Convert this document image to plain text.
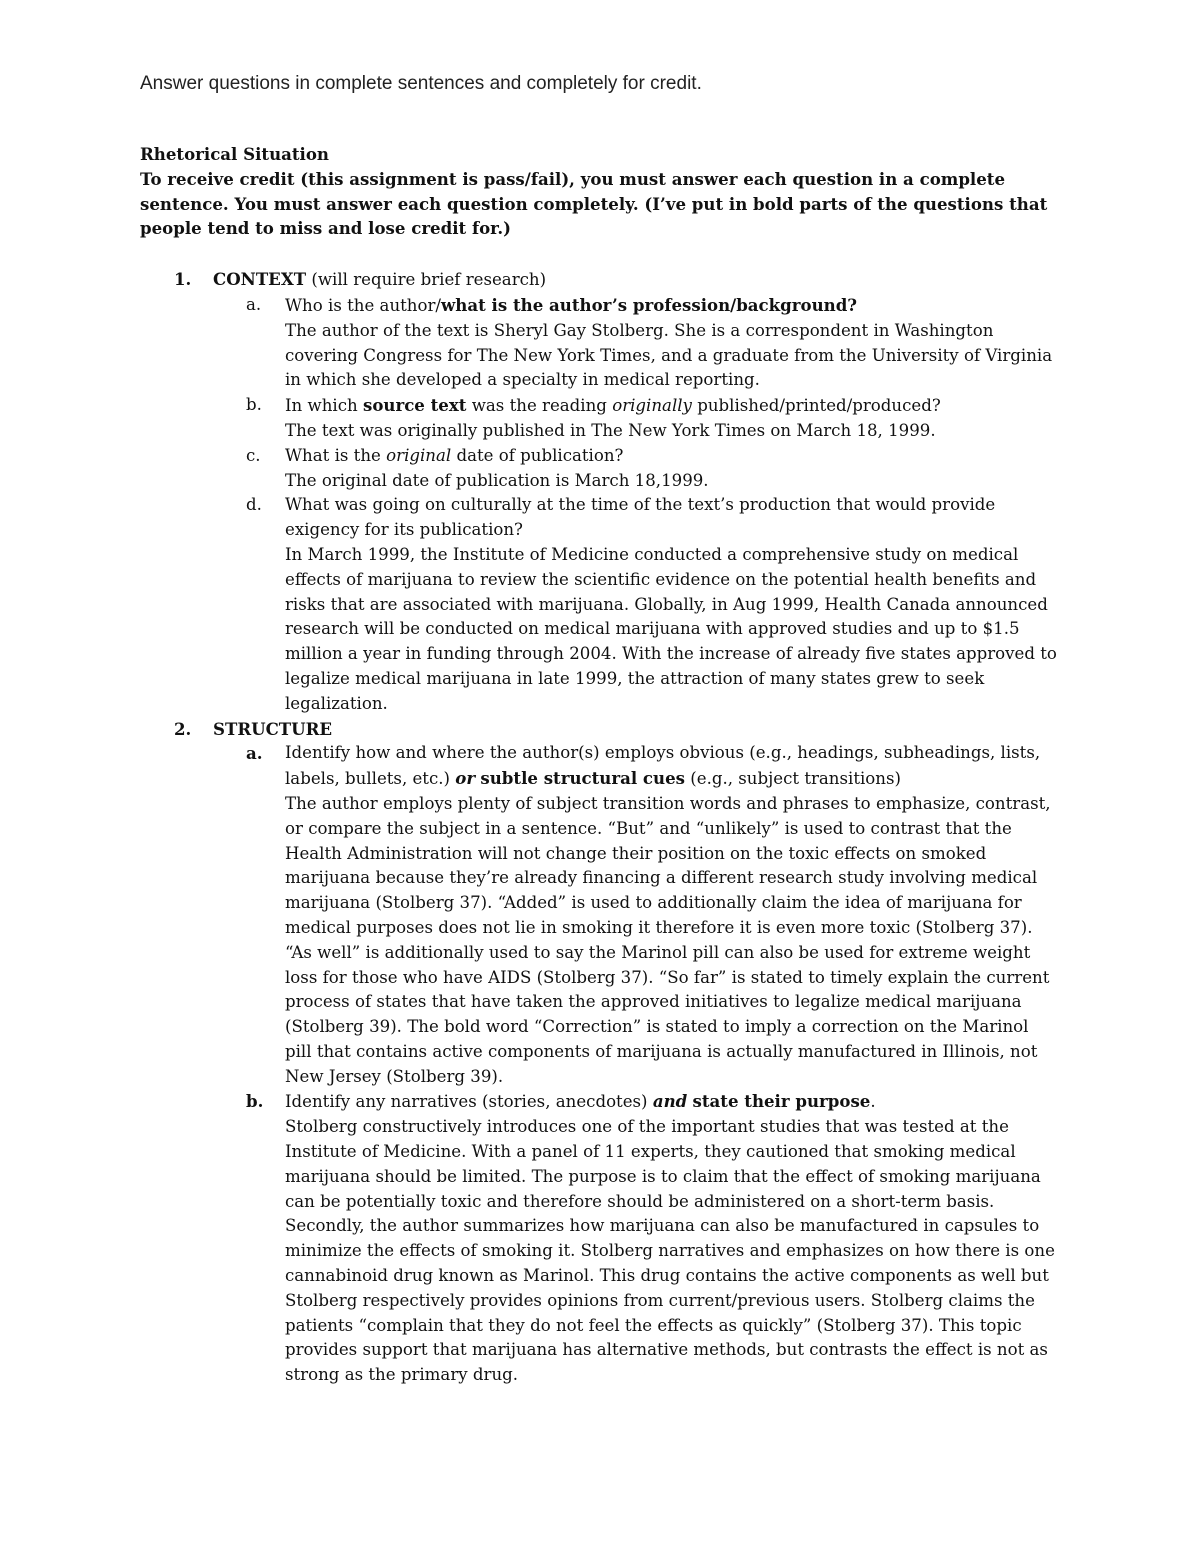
Answer questions in complete sentences and completely for credit.

Rhetorical Situation

To receive credit (this assignment is pass/fail), you must answer each question in a complete sentence. You must answer each question completely. (I’ve put in bold parts of the questions that people tend to miss and lose credit for.)

1. CONTEXT (will require brief research)

a. Who is the author/what is the author’s profession/background?

The author of the text is Sheryl Gay Stolberg. She is a correspondent in Washington covering Congress for The New York Times, and a graduate from the University of Virginia in which she developed a specialty in medical reporting.

b. In which source text was the reading originally published/printed/produced?

The text was originally published in The New York Times on March 18, 1999.

c. What is the original date of publication?

The original date of publication is March 18,1999.

d. What was going on culturally at the time of the text’s production that would provide exigency for its publication?

In March 1999, the Institute of Medicine conducted a comprehensive study on medical effects of marijuana to review the scientific evidence on the potential health benefits and risks that are associated with marijuana. Globally, in Aug 1999, Health Canada announced research will be conducted on medical marijuana with approved studies and up to $1.5 million a year in funding through 2004. With the increase of already five states approved to legalize medical marijuana in late 1999, the attraction of many states grew to seek legalization.

2. STRUCTURE

a. Identify how and where the author(s) employs obvious (e.g., headings, subheadings, lists, labels, bullets, etc.) or subtle structural cues (e.g., subject transitions)

The author employs plenty of subject transition words and phrases to emphasize, contrast, or compare the subject in a sentence. “But” and “unlikely” is used to contrast that the Health Administration will not change their position on the toxic effects on smoked marijuana because they’re already financing a different research study involving medical marijuana (Stolberg 37). “Added” is used to additionally claim the idea of marijuana for medical purposes does not lie in smoking it therefore it is even more toxic (Stolberg 37). “As well” is additionally used to say the Marinol pill can also be used for extreme weight loss for those who have AIDS (Stolberg 37). “So far” is stated to timely explain the current process of states that have taken the approved initiatives to legalize medical marijuana (Stolberg 39). The bold word “Correction” is stated to imply a correction on the Marinol pill that contains active components of marijuana is actually manufactured in Illinois, not New Jersey (Stolberg 39).

b. Identify any narratives (stories, anecdotes) and state their purpose.

Stolberg constructively introduces one of the important studies that was tested at the Institute of Medicine. With a panel of 11 experts, they cautioned that smoking medical marijuana should be limited. The purpose is to claim that the effect of smoking marijuana can be potentially toxic and therefore should be administered on a short-term basis. Secondly, the author summarizes how marijuana can also be manufactured in capsules to minimize the effects of smoking it. Stolberg narratives and emphasizes on how there is one cannabinoid drug known as Marinol. This drug contains the active components as well but Stolberg respectively provides opinions from current/previous users. Stolberg claims the patients “complain that they do not feel the effects as quickly” (Stolberg 37). This topic provides support that marijuana has alternative methods, but contrasts the effect is not as strong as the primary drug.
